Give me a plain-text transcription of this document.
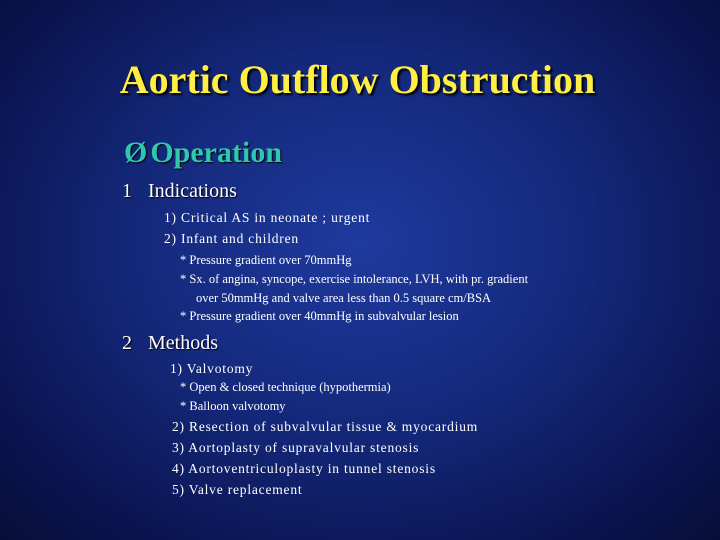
Aortic Outflow Obstruction
Ø Operation
1 Indications
1) Critical AS in neonate ; urgent
2) Infant and children
* Pressure gradient over 70mmHg
* Sx. of angina, syncope, exercise intolerance, LVH, with pr. gradient
over 50mmHg and valve area less than 0.5 square cm/BSA
* Pressure gradient over 40mmHg in subvalvular lesion
2 Methods
1) Valvotomy
* Open & closed technique (hypothermia)
* Balloon valvotomy
2) Resection of subvalvular tissue & myocardium
3) Aortoplasty of supravalvular stenosis
4) Aortoventriculoplasty in tunnel stenosis
5) Valve replacement
